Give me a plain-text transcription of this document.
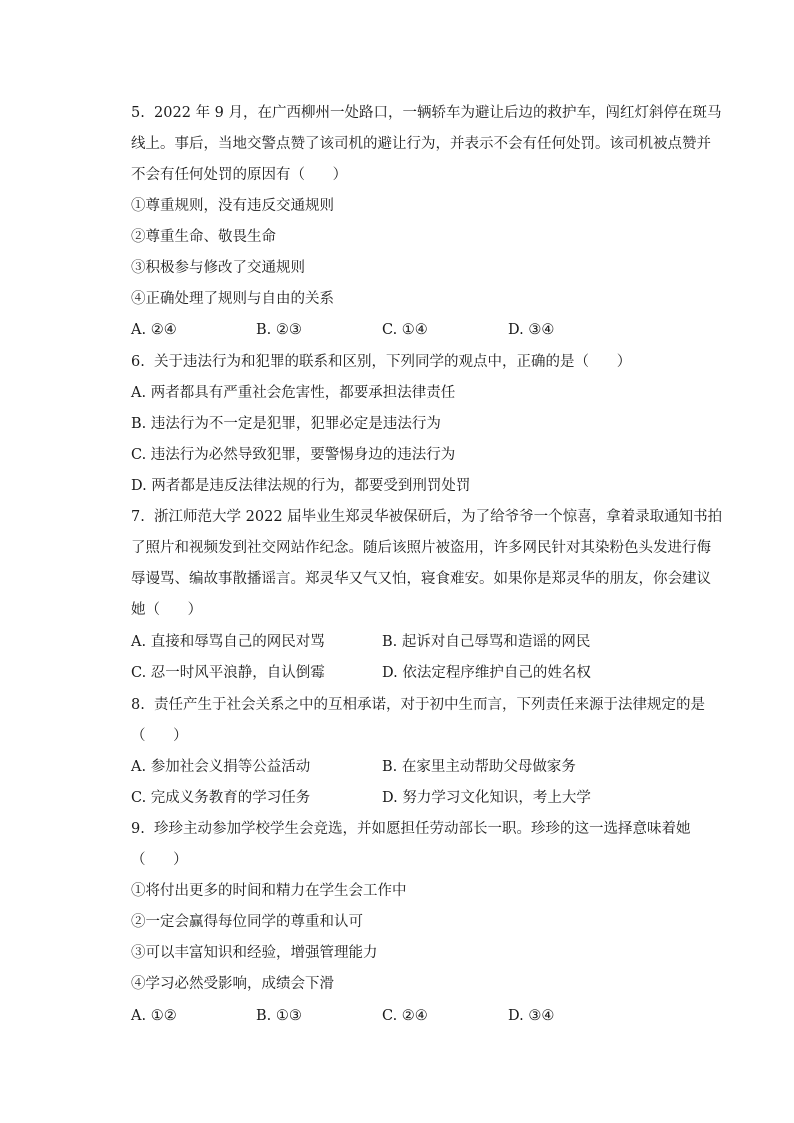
5.  2022 年 9 月，在广西柳州一处路口，一辆轿车为避让后边的救护车，闯红灯斜停在斑马
线上。事后，当地交警点赞了该司机的避让行为，并表示不会有任何处罚。该司机被点赞并
不会有任何处罚的原因有（      ）
①尊重规则，没有违反交通规则
②尊重生命、敬畏生命
③积极参与修改了交通规则
④正确处理了规则与自由的关系
A. ②④	B. ②③	C. ①④	D. ③④
6.  关于违法行为和犯罪的联系和区别，下列同学的观点中，正确的是（      ）
A. 两者都具有严重社会危害性，都要承担法律责任
B. 违法行为不一定是犯罪，犯罪必定是违法行为
C. 违法行为必然导致犯罪，要警惕身边的违法行为
D. 两者都是违反法律法规的行为，都要受到刑罚处罚
7.  浙江师范大学 2022 届毕业生郑灵华被保研后，为了给爷爷一个惊喜，拿着录取通知书拍
了照片和视频发到社交网站作纪念。随后该照片被盗用，许多网民针对其染粉色头发进行侮
辱谩骂、编故事散播谣言。郑灵华又气又怕，寝食难安。如果你是郑灵华的朋友，你会建议
她（      ）
A. 直接和辱骂自己的网民对骂	B. 起诉对自己辱骂和造谣的网民
C. 忍一时风平浪静，自认倒霉	D. 依法定程序维护自己的姓名权
8.  责任产生于社会关系之中的互相承诺，对于初中生而言，下列责任来源于法律规定的是
（      ）
A. 参加社会义捐等公益活动	B. 在家里主动帮助父母做家务
C. 完成义务教育的学习任务	D. 努力学习文化知识，考上大学
9.  珍珍主动参加学校学生会竞选，并如愿担任劳动部长一职。珍珍的这一选择意味着她
（      ）
①将付出更多的时间和精力在学生会工作中
②一定会赢得每位同学的尊重和认可
③可以丰富知识和经验，增强管理能力
④学习必然受影响，成绩会下滑
A. ①②	B. ①③	C. ②④	D. ③④
